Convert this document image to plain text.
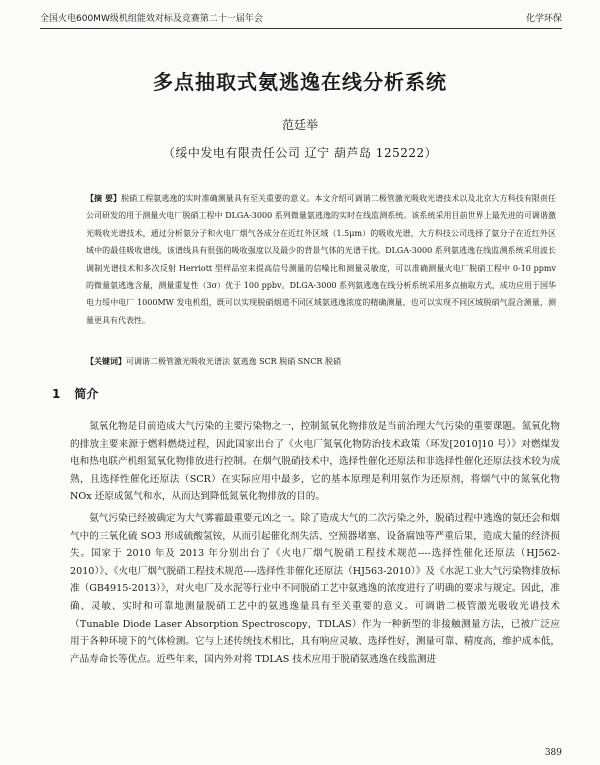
全国火电600MW级机组能效对标及竞赛第二十一届年会	化学环保
多点抽取式氨逃逸在线分析系统
范廷举
（绥中发电有限责任公司 辽宁 葫芦岛 125222）
【摘 要】脱硝工程氨逃逸的实时准确测量具有至关重要的意义。本文介绍可调谐二极管激光吸收光谱技术以及北京大方科技有限责任公司研发的用于测量火电厂脱硝工程中 DLGA-3000 系列微量氨逃逸的实时在线监测系统。该系统采用目前世界上最先进的可调谐激光吸收光谱技术，通过分析氨分子和火电厂烟气各成分在近红外区域（1.5μm）的吸收光谱，大方科技公司选择了氨分子在近红外区域中的最佳吸收谱线，该谱线具有很强的吸收强度以及最少的背景气体的光谱干扰。DLGA-3000 系列氨逃逸在线监测系统采用波长调制光谱技术和多次反射 Herriott 型样品室来提高信号测量的信噪比和测量灵敏度，可以准确测量火电厂脱硝工程中 0-10 ppmv 的微量氨逃逸含量，测量重复性（3σ）优于 100 ppbv。DLGA-3000 系列氨逃逸在线分析系统采用多点抽取方式，成功应用于国华电力绥中电厂 1000MW 发电机组，既可以实现脱硝烟道不同区域氨逃逸浓度的精确测量，也可以实现不同区域脱硝气混合测量，测量更具有代表性。
【关键词】可调谐二极管激光吸收光谱法 氨逃逸 SCR 脱硝 SNCR 脱硝
1 简介

氮氧化物是目前造成大气污染的主要污染物之一，控制氮氧化物排放是当前治理大气污染的重要课题。氮氧化物的排放主要来源于燃料燃烧过程，因此国家出台了《火电厂氮氧化物防治技术政策（环发[2010]10 号）》对燃煤发电和热电联产机组氮氧化物排放进行控制。在烟气脱硝技术中，选择性催化还原法和非选择性催化还原法技术较为成熟，且选择性催化还原法（SCR）在实际应用中最多，它的基本原理是利用氨作为还原剂，将烟气中的氮氧化物 NOx 还原成氮气和水，从而达到降低氮氧化物排放的目的。

氨气污染已经被确定为大气雾霾最重要元凶之一。除了造成大气的二次污染之外，脱硝过程中逃逸的氨还会和烟气中的三氧化硫 SO3 形成硫酸氢铵，从而引起催化剂失活、空预器堵塞、设备腐蚀等严重后果，造成大量的经济损失。国家于 2010 年及 2013 年分别出台了《火电厂烟气脱硝工程技术规范----选择性催化还原法（HJ562-2010）》、《火电厂烟气脱硝工程技术规范----选择性非催化还原法（HJ563-2010）》及《水泥工业大气污染物排放标准（GB4915-2013）》，对火电厂及水泥等行业中不同脱硝工艺中氨逃逸的浓度进行了明确的要求与规定。因此，准确、灵敏、实时和可靠地测量脱硝工艺中的氨逃逸量具有至关重要的意义。可调谐二极管激光吸收光谱技术（Tunable Diode Laser Absorption Spectroscopy，TDLAS）作为一种新型的非接触测量方法，已被广泛应用于各种环境下的气体检测。它与上述传统技术相比，具有响应灵敏、选择性好，测量可靠、精度高，维护成本低，产品寿命长等优点。近些年来，国内外对将 TDLAS 技术应用于脱硝氨逃逸在线监测进

389
